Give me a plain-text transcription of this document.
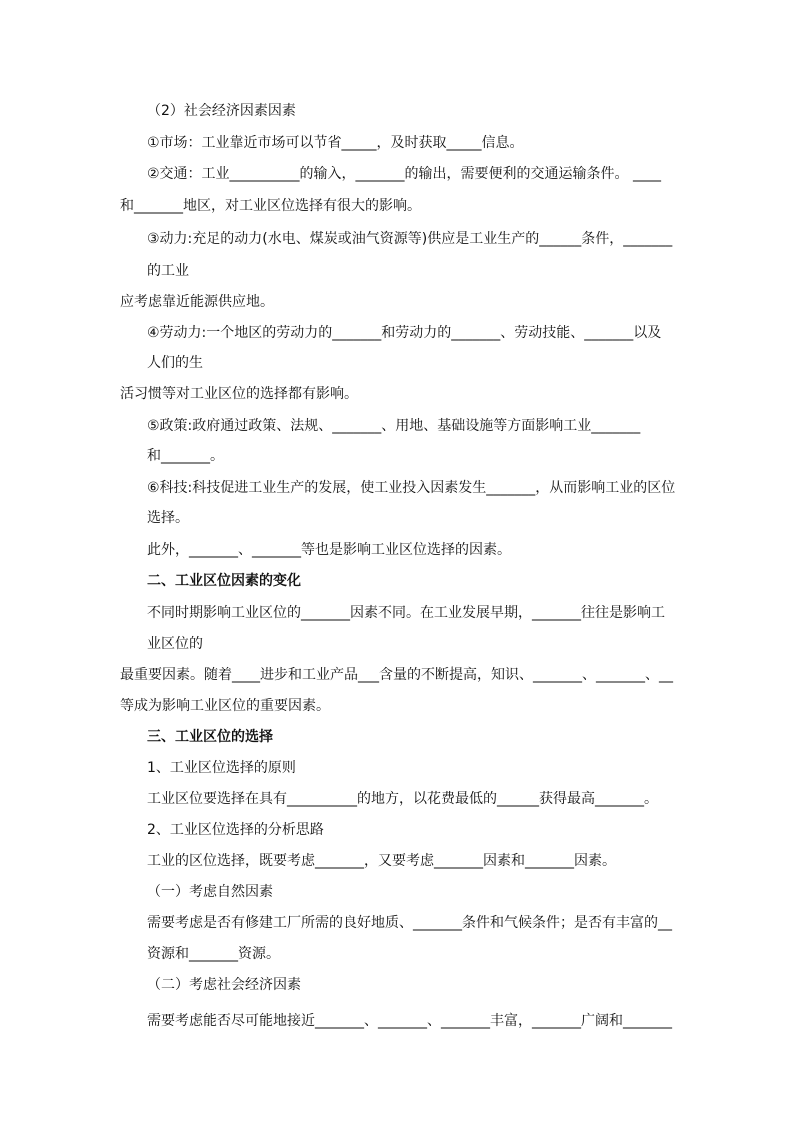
（2）社会经济因素因素
①市场：工业靠近市场可以节省_____，及时获取_____信息。
②交通：工业__________的输入，_______的输出，需要便利的交通运输条件。 ____
和_______地区，对工业区位选择有很大的影响。
③动力:充足的动力(水电、煤炭或油气资源等)供应是工业生产的______条件，_______
的工业
应考虑靠近能源供应地。
④劳动力:一个地区的劳动力的_______和劳动力的_______、劳动技能、_______以及
人们的生
活习惯等对工业区位的选择都有影响。
⑤政策:政府通过政策、法规、_______、用地、基础设施等方面影响工业_______
和_______。
⑥科技:科技促进工业生产的发展，使工业投入因素发生_______，从而影响工业的区位
选择。
此外，_______、_______等也是影响工业区位选择的因素。
二、工业区位因素的变化
不同时期影响工业区位的_______因素不同。在工业发展早期，_______往往是影响工
业区位的
最重要因素。随着____进步和工业产品___含量的不断提高，知识、_______、_______、__
等成为影响工业区位的重要因素。
三、工业区位的选择
1、工业区位选择的原则
工业区位要选择在具有__________的地方，以花费最低的______获得最高_______。
2、工业区位选择的分析思路
工业的区位选择，既要考虑_______，又要考虑_______因素和_______因素。
（一）考虑自然因素
需要考虑是否有修建工厂所需的良好地质、_______条件和气候条件；是否有丰富的__
资源和_______资源。
（二）考虑社会经济因素
需要考虑能否尽可能地接近_______、_______、_______丰富，_______广阔和_______
